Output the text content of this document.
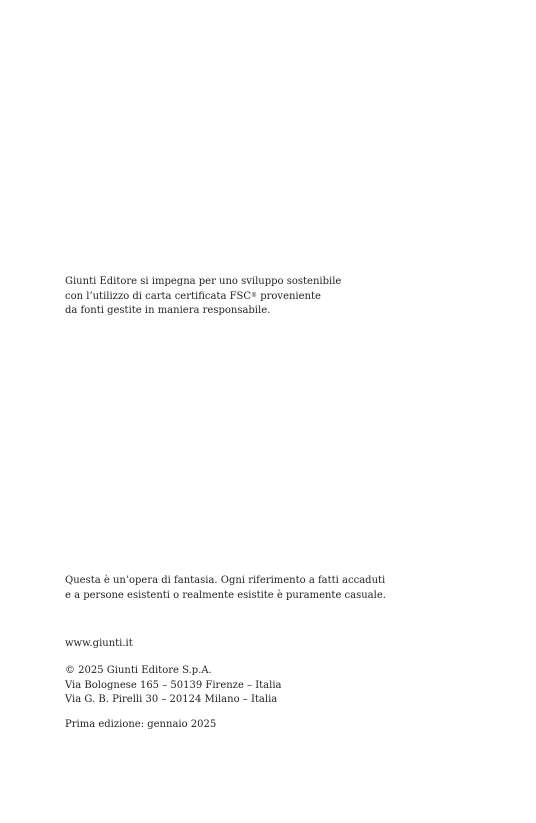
Giunti Editore si impegna per uno sviluppo sostenibile
con l’utilizzo di carta certificata FSC® proveniente
da fonti gestite in maniera responsabile.
Questa è un’opera di fantasia. Ogni riferimento a fatti accaduti
e a persone esistenti o realmente esistite è puramente casuale.
www.giunti.it
© 2025 Giunti Editore S.p.A.
Via Bolognese 165 – 50139 Firenze – Italia
Via G. B. Pirelli 30 – 20124 Milano – Italia
Prima edizione: gennaio 2025
